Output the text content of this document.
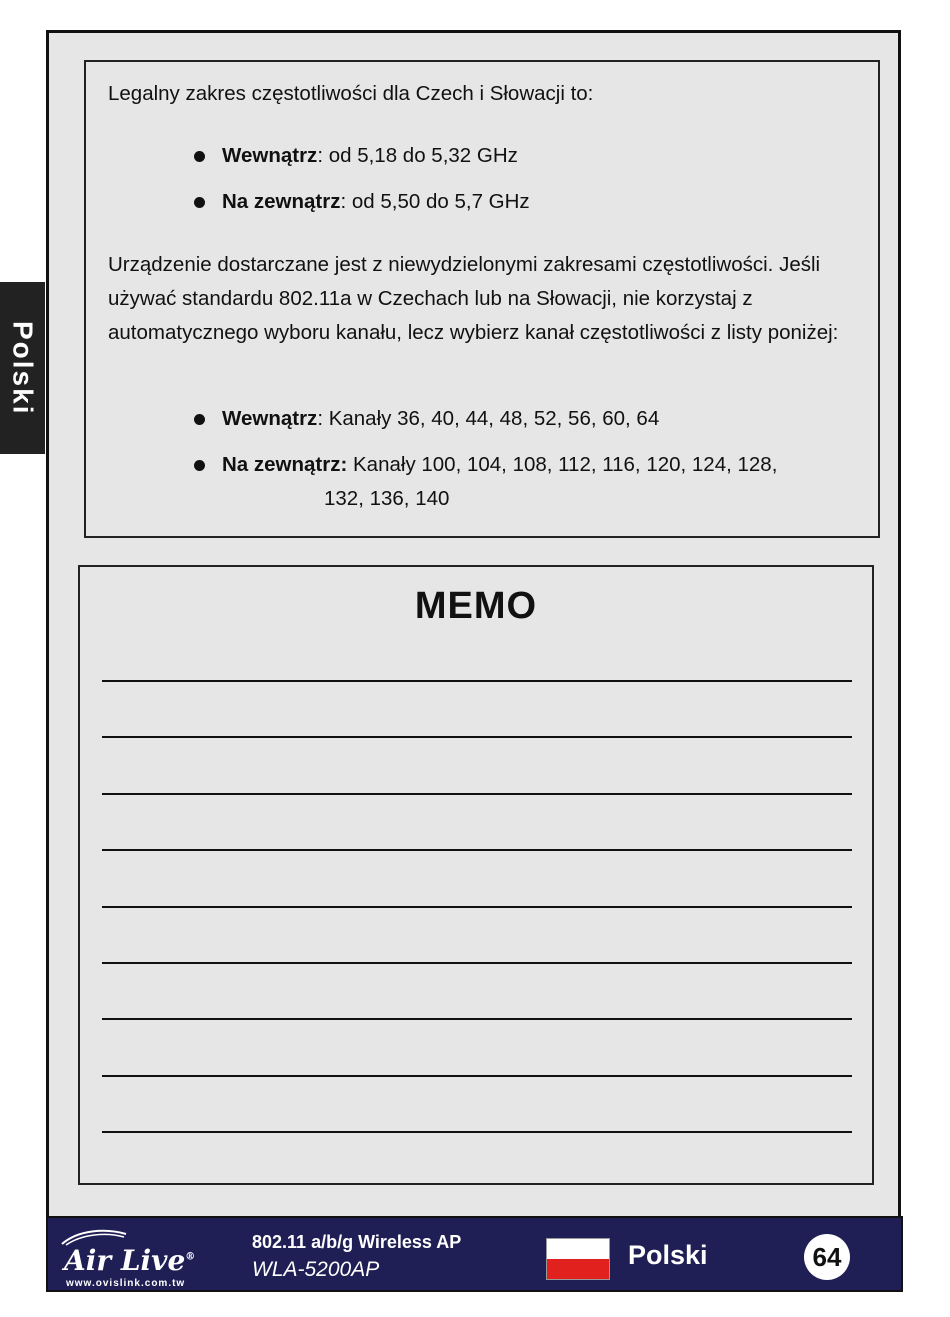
Polski

Legalny zakres częstotliwości dla Czech i Słowacji to:

Wewnątrz: od 5,18 do 5,32 GHz
Na zewnątrz: od 5,50 do 5,7 GHz

Urządzenie dostarczane jest z niewydzielonymi zakresami częstotliwości. Jeśli używać standardu 802.11a w Czechach lub na Słowacji, nie korzystaj z automatycznego wyboru kanału, lecz wybierz kanał częstotliwości z listy poniżej:

Wewnątrz: Kanały 36, 40, 44, 48, 52, 56, 60, 64
Na zewnątrz: Kanały 100, 104, 108, 112, 116, 120, 124, 128,
132, 136, 140
MEMO
Air Live®
www.ovislink.com.tw
802.11 a/b/g Wireless AP
WLA-5200AP	Polski	64
